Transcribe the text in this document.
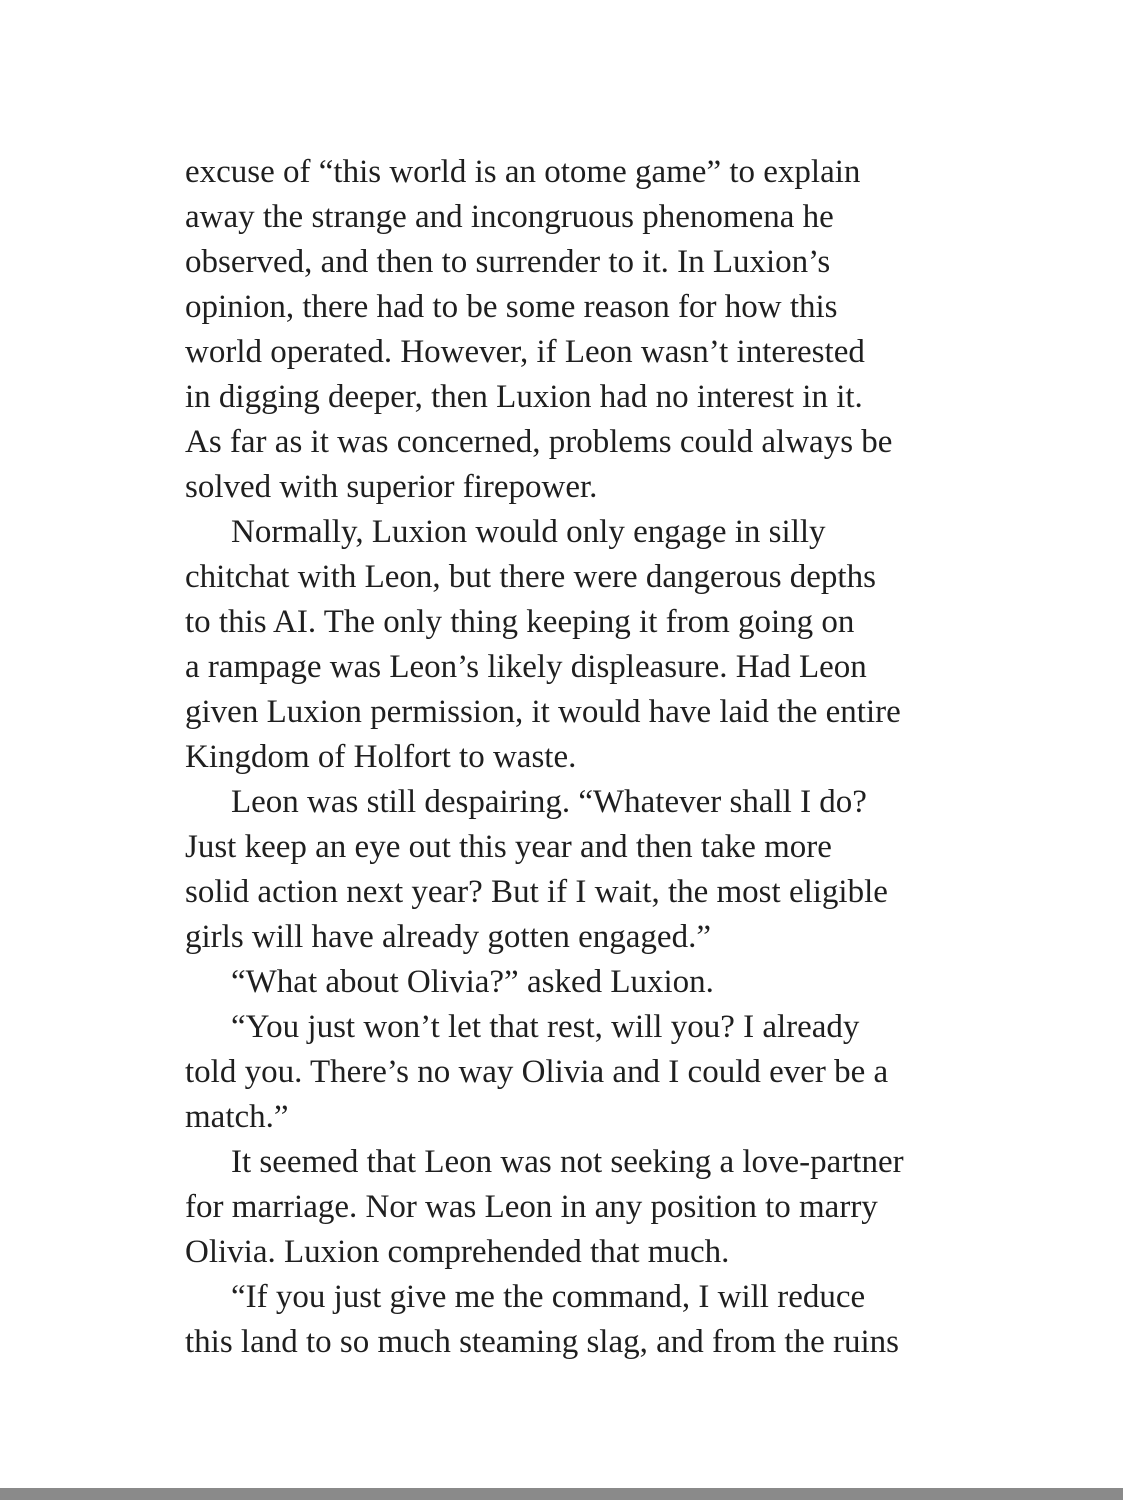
excuse of “this world is an otome game” to explain
away the strange and incongruous phenomena he
observed, and then to surrender to it. In Luxion’s
opinion, there had to be some reason for how this
world operated. However, if Leon wasn’t interested
in digging deeper, then Luxion had no interest in it.
As far as it was concerned, problems could always be
solved with superior firepower.
Normally, Luxion would only engage in silly
chitchat with Leon, but there were dangerous depths
to this AI. The only thing keeping it from going on
a rampage was Leon’s likely displeasure. Had Leon
given Luxion permission, it would have laid the entire
Kingdom of Holfort to waste.
Leon was still despairing. “Whatever shall I do?
Just keep an eye out this year and then take more
solid action next year? But if I wait, the most eligible
girls will have already gotten engaged.”
“What about Olivia?” asked Luxion.
“You just won’t let that rest, will you? I already
told you. There’s no way Olivia and I could ever be a
match.”
It seemed that Leon was not seeking a love-partner
for marriage. Nor was Leon in any position to marry
Olivia. Luxion comprehended that much.
“If you just give me the command, I will reduce
this land to so much steaming slag, and from the ruins
